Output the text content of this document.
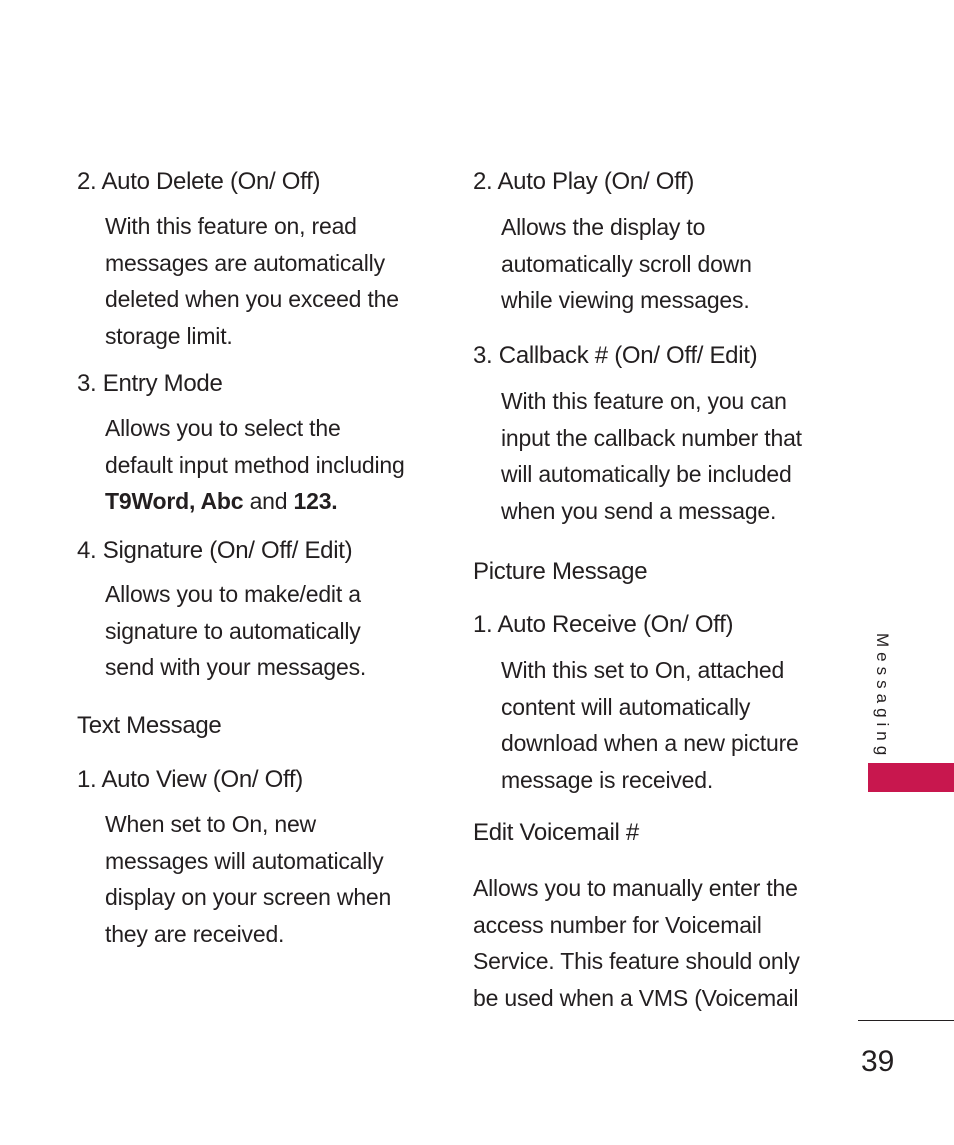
2. Auto Delete (On/ Off)
With this feature on, read
messages are automatically
deleted when you exceed the
storage limit.
3. Entry Mode
Allows you to select the
default input method including
T9Word, Abc and 123.
4. Signature (On/ Off/ Edit)
Allows you to make/edit a
signature to automatically
send with your messages.
Text Message
1. Auto View (On/ Off)
When set to On, new
messages will automatically
display on your screen when
they are received.
2. Auto Play (On/ Off)
Allows the display to
automatically scroll down
while viewing messages.
3. Callback # (On/ Off/ Edit)
With this feature on, you can
input the callback number that
will automatically be included
when you send a message.
Picture Message
1. Auto Receive (On/ Off)
With this set to On, attached
content will automatically
download when a new picture
message is received.
Edit Voicemail #
Allows you to manually enter the
access number for Voicemail
Service. This feature should only
be used when a VMS (Voicemail
Messaging
39
